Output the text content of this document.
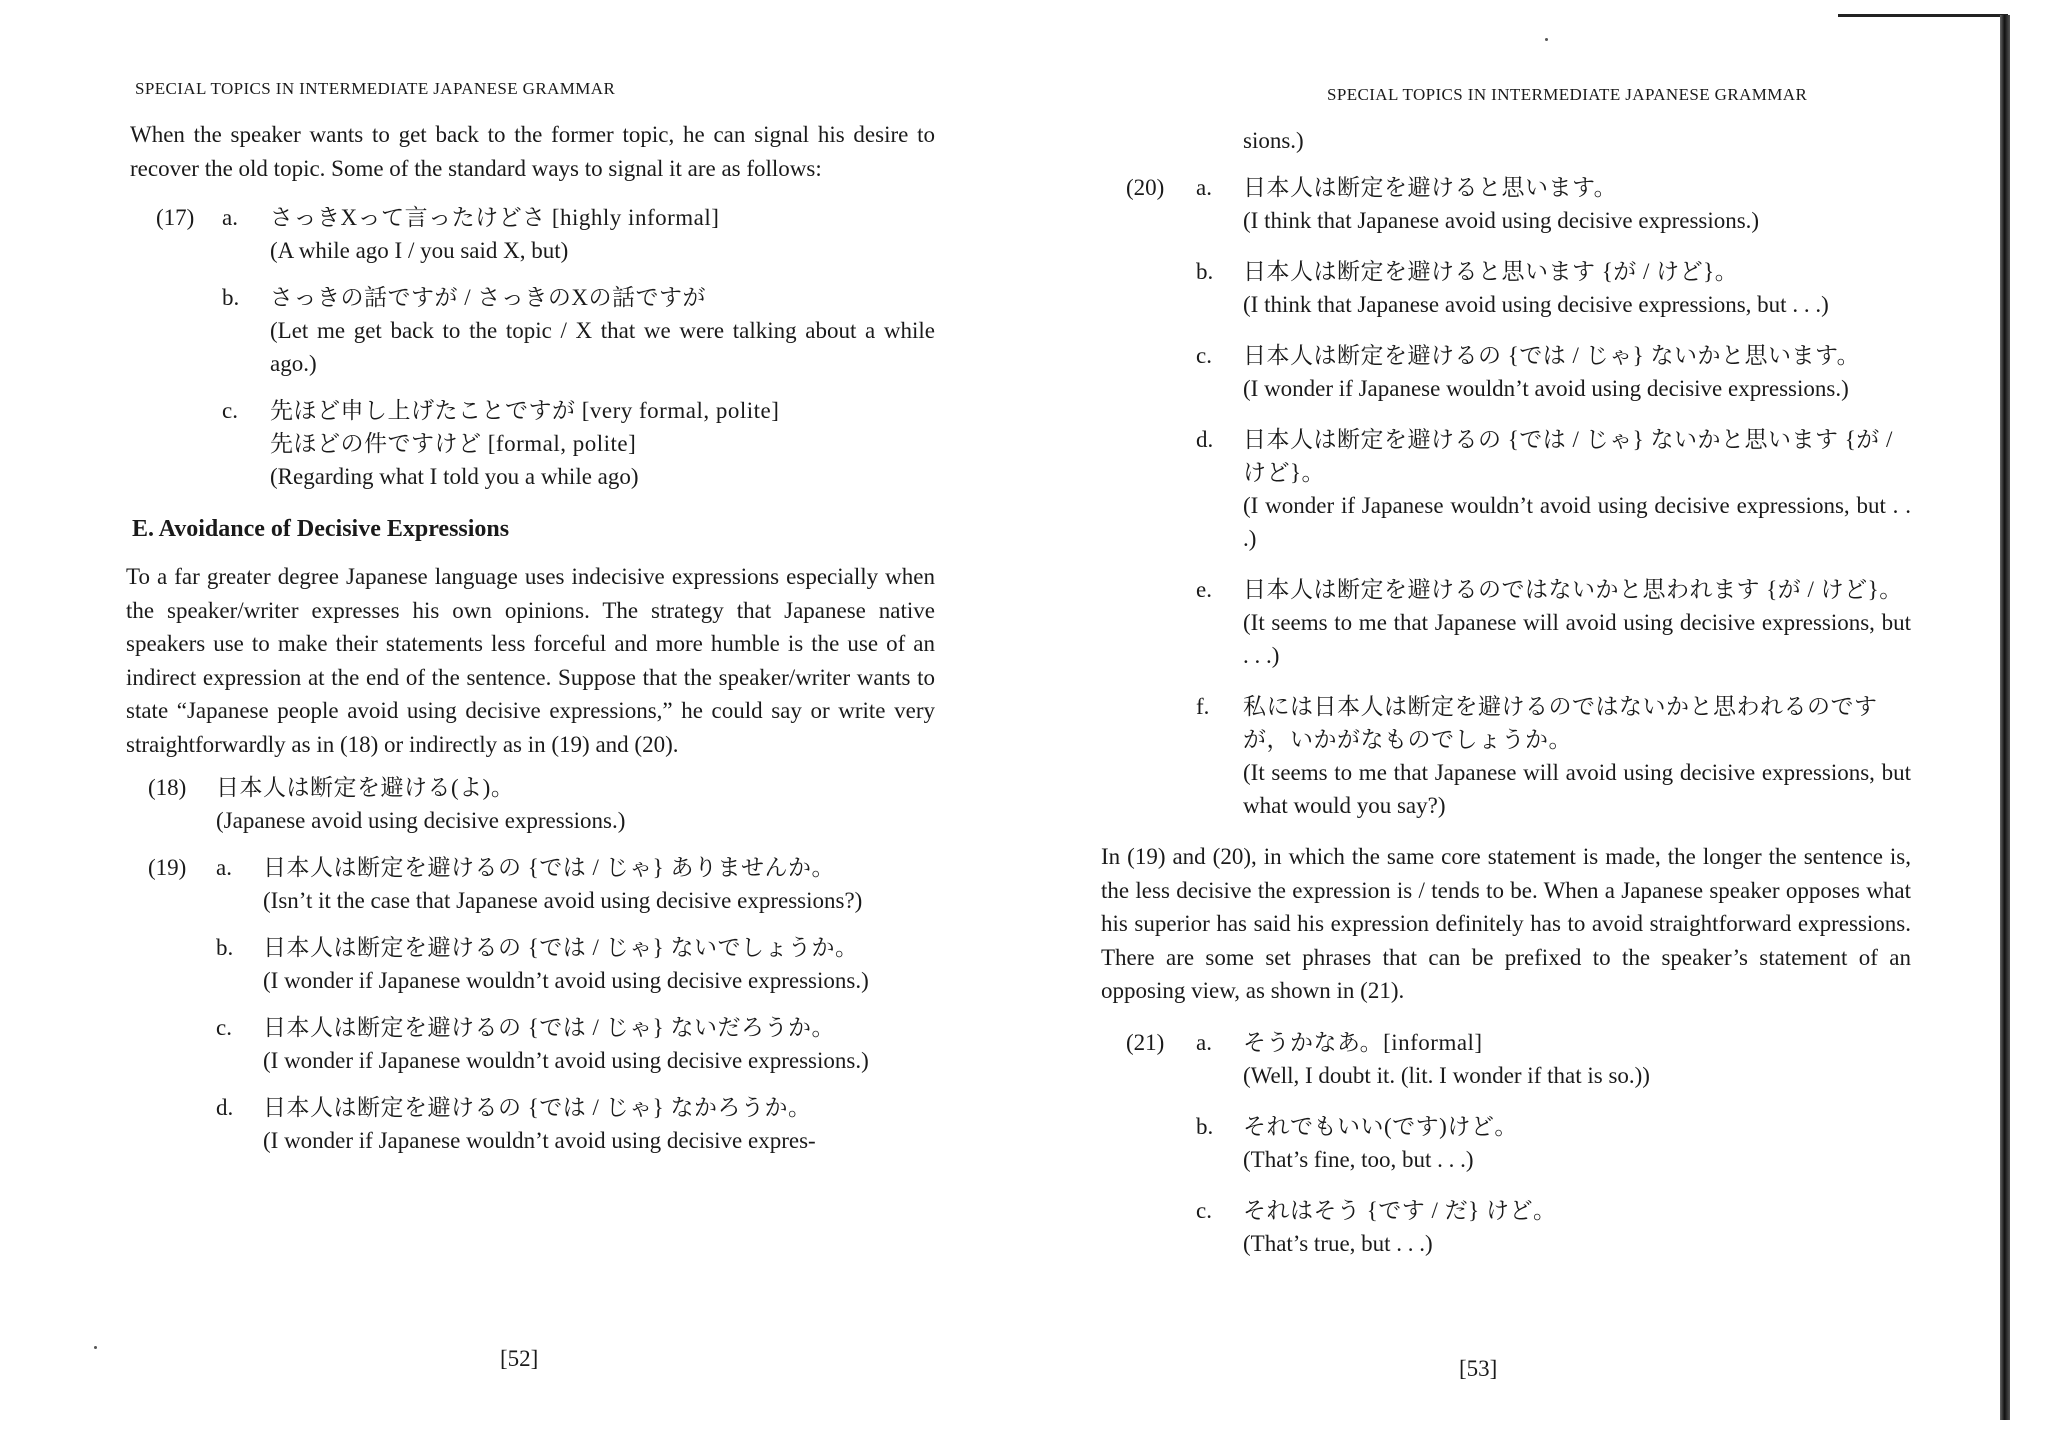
SPECIAL TOPICS IN INTERMEDIATE JAPANESE GRAMMAR

When the speaker wants to get back to the former topic, he can signal his desire to recover the old topic. Some of the standard ways to signal it are as follows:

(17) a. さっきXって言ったけどさ [highly informal]
(A while ago I / you said X, but)
b. さっきの話ですが / さっきのXの話ですが
(Let me get back to the topic / X that we were talking about a while ago.)
c. 先ほど申し上げたことですが [very formal, polite]
先ほどの件ですけど [formal, polite]
(Regarding what I told you a while ago)
E. Avoidance of Decisive Expressions

To a far greater degree Japanese language uses indecisive expressions especially when the speaker/writer expresses his own opinions. The strategy that Japanese native speakers use to make their statements less forceful and more humble is the use of an indirect expression at the end of the sentence. Suppose that the speaker/writer wants to state “Japanese people avoid using decisive expressions,” he could say or write very straightforwardly as in (18) or indirectly as in (19) and (20).

(18) 日本人は断定を避ける(よ)。
(Japanese avoid using decisive expressions.)
(19) a. 日本人は断定を避けるの {では / じゃ} ありませんか。
(Isn’t it the case that Japanese avoid using decisive expressions?)
b. 日本人は断定を避けるの {では / じゃ} ないでしょうか。
(I wonder if Japanese wouldn’t avoid using decisive expressions.)
c. 日本人は断定を避けるの {では / じゃ} ないだろうか。
(I wonder if Japanese wouldn’t avoid using decisive expressions.)
d. 日本人は断定を避けるの {では / じゃ} なかろうか。
(I wonder if Japanese wouldn’t avoid using decisive expres-
[52]
SPECIAL TOPICS IN INTERMEDIATE JAPANESE GRAMMAR
sions.)
(20) a. 日本人は断定を避けると思います。
(I think that Japanese avoid using decisive expressions.)
b. 日本人は断定を避けると思います {が / けど}。
(I think that Japanese avoid using decisive expressions, but . . .)
c. 日本人は断定を避けるの {では / じゃ} ないかと思います。
(I wonder if Japanese wouldn’t avoid using decisive expressions.)
d. 日本人は断定を避けるの {では / じゃ} ないかと思います {が / けど}。
(I wonder if Japanese wouldn’t avoid using decisive expressions, but . . .)
e. 日本人は断定を避けるのではないかと思われます {が / けど}。
(It seems to me that Japanese will avoid using decisive expressions, but . . .)
f. 私には日本人は断定を避けるのではないかと思われるのですが，いかがなものでしょうか。
(It seems to me that Japanese will avoid using decisive expressions, but what would you say?)

In (19) and (20), in which the same core statement is made, the longer the sentence is, the less decisive the expression is / tends to be. When a Japanese speaker opposes what his superior has said his expression definitely has to avoid straightforward expressions. There are some set phrases that can be prefixed to the speaker’s statement of an opposing view, as shown in (21).

(21) a. そうかなあ。[informal]
(Well, I doubt it. (lit. I wonder if that is so.))
b. それでもいい(です)けど。
(That’s fine, too, but . . .)
c. それはそう {です / だ} けど。
(That’s true, but . . .)
[53]
